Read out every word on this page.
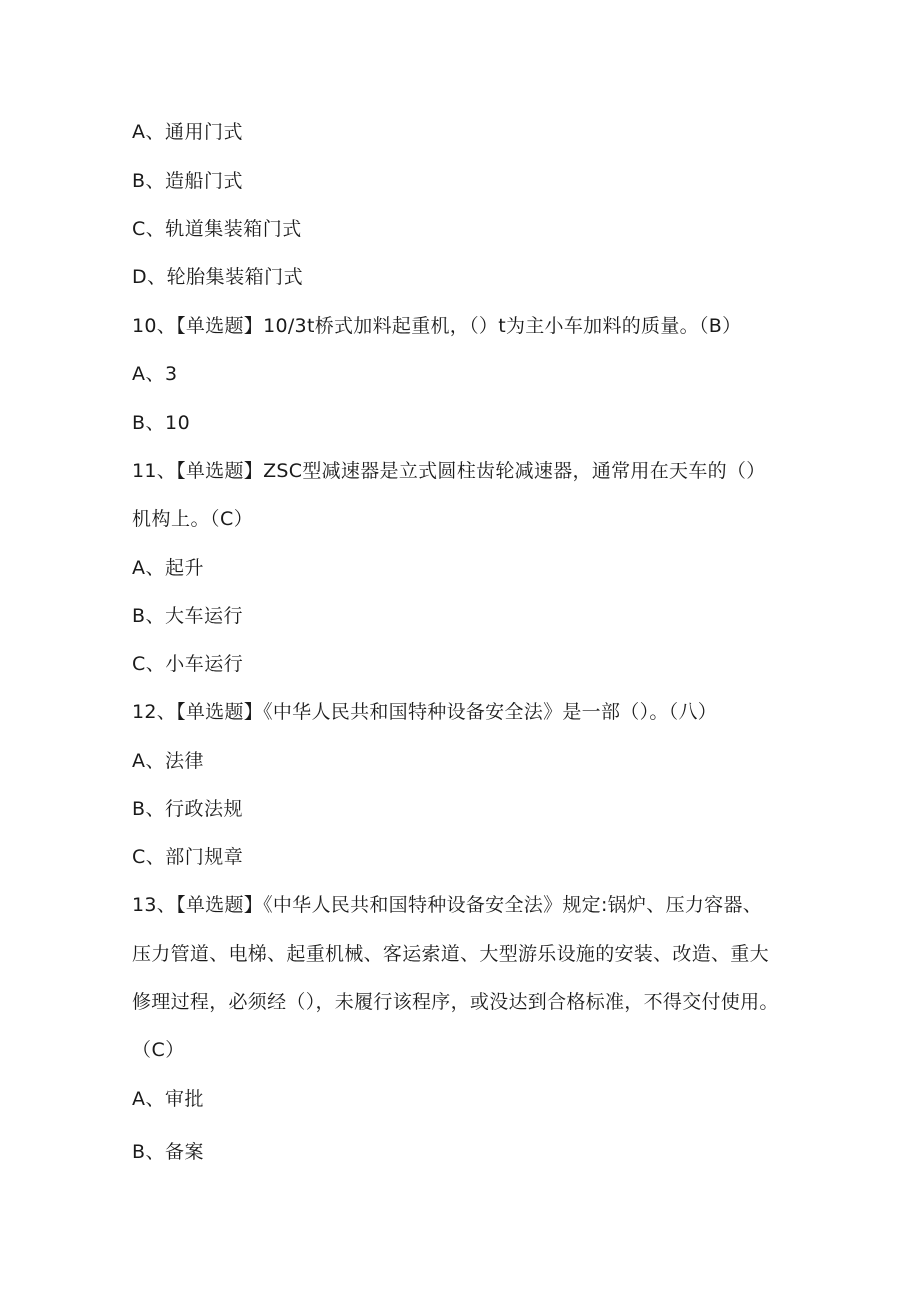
A、通用门式
B、造船门式
C、轨道集装箱门式
D、轮胎集装箱门式
10、【单选题】10/3t桥式加料起重机，（）t为主小车加料的质量。（B）
A、3
B、10
11、【单选题】ZSC型减速器是立式圆柱齿轮减速器，通常用在天车的（）
机构上。（C）
A、起升
B、大车运行
C、小车运行
12、【单选题】《中华人民共和国特种设备安全法》是一部（）。（八）
A、法律
B、行政法规
C、部门规章
13、【单选题】《中华人民共和国特种设备安全法》规定:锅炉、压力容器、
压力管道、电梯、起重机械、客运索道、大型游乐设施的安装、改造、重大
修理过程，必须经（），未履行该程序，或没达到合格标准，不得交付使用。
（C）
A、审批
B、备案
